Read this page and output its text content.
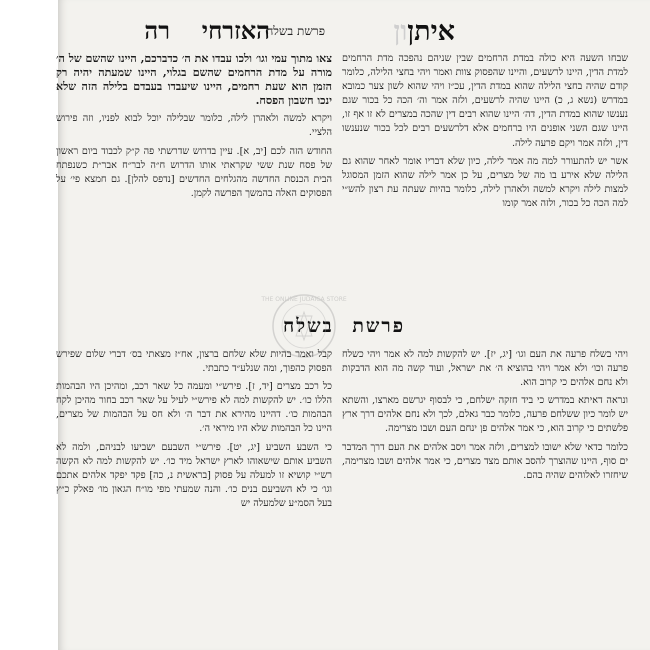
איתןון
פרשת בשלח
האזרחי
רה

שבחו השעה היא כולה במדת הרחמים שבין שניהם נהפכה מדת הרחמים למדת הדין, היינו לרשעים, והיינו שהפסוק צוות ואמר ויהי בחצי הלילה, כלומר קודם שהיה בחצי הלילה שהוא במדת הדין, עכ״ז ויהי שהוא לשון צער כמובא במדרש (נשא ג, כ) היינו שהיה לרשעים, ולזה אמר וה׳ הכה כל בכור שגם נענשו שהוא במדת הדין, דה׳ היינו שהוא רבים דין שהכה במצרים לא זו אף זו, היינו שגם השני אופנים היו ברחמים אלא דלרשעים רבים לכל בכור שנענשו דין, ולזה אמר ויקם פרעה לילה.

אשר יש להתעורר למה מה אמר לילה, כיון שלא דבריו אומר לאחר שהוא גם הלילה שלא אירע בו מה של מצרים, על כן אמר לילה שהוא הזמן המסוגל למצות לילה ויקרא למשה ולאהרן לילה, כלומר בהיות שעתה עת רצון להש״י למה הכה כל בכור, ולזה אמר קומו

צאו מתוך עמי וגו׳ ולכו עבדו את ה׳ כדברכם, היינו שהשם של ה׳ מורה על מדת הרחמים שהשם בגלוי, היינו שמעתה יהיה רק הזמן הוא שעת רחמים, היינו שיעבדו בעבדם בלילה הזה שלא ינכו חשבון הפסח.

ויקרא למשה ולאהרן לילה, כלומר שבלילה יוכל לבוא לפניו, וזה פירוש הלציי.

החודש הזה לכם [יב, א]. עיין בדרוש שדרשתי פה ק״ק לכבוד ביום ראשון של פסח שנת ששי שקראתי אותו הדרוש ח״ה לבר״ח אבר״ת כשנפתח הבית הכנסת החדשה מהגלחים החדשים [נדפס להלן]. גם חמצא פי׳ על הפסוקים האלה בהמשך הפרשה לקמן.

פרשת בשלח
THE ONLINE JUDAICA STORE

ויהי בשלח פרעה את העם וגו׳ [יג, יז]. יש להקשות למה לא אמר ויהי כשלח פרעה וכו׳ ולא אמר ויהי בהוציא ה׳ את ישראל, ועוד קשה מה הוא הדבקות ולא נחם אלהים כי קרוב הוא.

ונראה דאיתא במדרש כי ביד חזקה ישלחם, כי לבסוף יגרשם מארצו, והשתא יש לומר כיון ששלחם פרעה, כלומר כבר גאלם, לכך ולא נחם אלהים דרך ארץ פלשתים כי קרוב הוא, כי אמר אלהים פן ינחם העם ושבו מצרימה.

כלומר כדאי שלא ישובו למצרים, ולזה אמר ויסב אלהים את העם דרך המדבר ים סוף, היינו שהוצרך להסב אותם מצד מצרים, כי אמר אלהים ושבו מצרימה, שיחזרו לאלוהים שהיה בהם.

קבל ואמר בהיות שלא שלחם ברצון, אח״ז מצאתי בס׳ דברי שלום שפירש הפסוק כהפוך, ומה שנלע״ד כתבתי.

כל רכב מצרים [יד, ז]. פירש״י ומעמה כל שאר רכב, ומהיכן היו הבהמות הללו כו׳. יש להקשות למה לא פירש״י לעיל על שאר רכב בחור מהיכן לקח הבהמות כו׳. דהיינו מהירא את דבר ה׳ ולא חס על הבהמות של מצרים, היינו כל הבהמות שלא היו מיראי ה׳.

כי השבע השביע [יג, יט]. פירש״י השבעם ישביעו לבניהם, ולמה לא השביע אותם שישאוהו לארץ ישראל מיד כו׳. יש להקשות למה לא הקשה רש״י קושיא זו למעלה על פסוק [בראשית נ, כה] פקד יפקד אלהים אתכם וגו׳ כי לא השביעם בנים כו׳. והנה שמעתי מפי מו״ח הגאון מו׳ פאלק כ״ץ בעל הסמ״ע שלמעלה יש
